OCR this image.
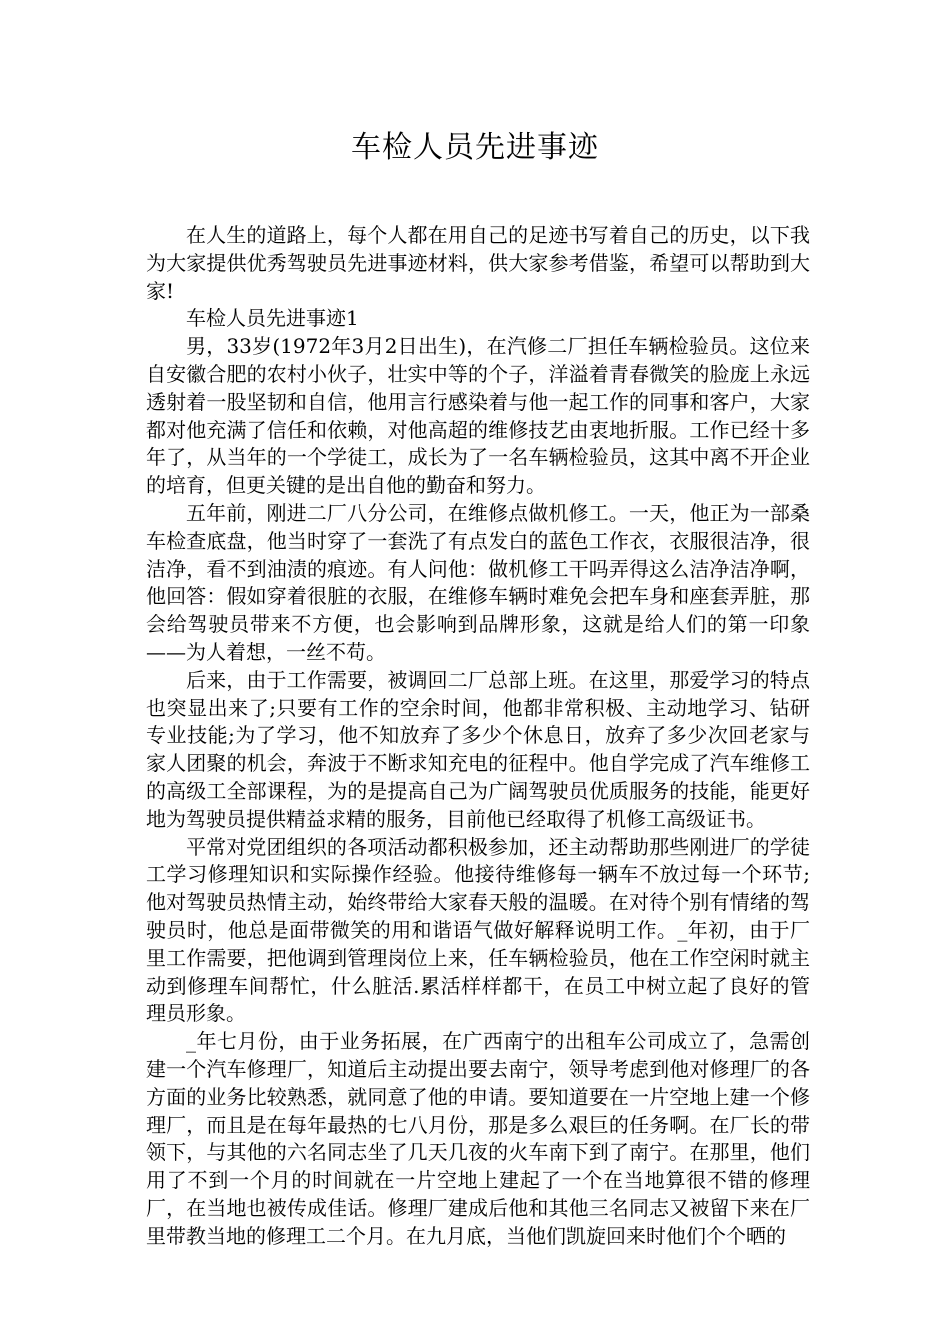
车检人员先进事迹

在人生的道路上，每个人都在用自己的足迹书写着自己的历史，以下我为大家提供优秀驾驶员先进事迹材料，供大家参考借鉴，希望可以帮助到大家!

车检人员先进事迹1

男，33岁(1972年3月2日出生)，在汽修二厂担任车辆检验员。这位来自安徽合肥的农村小伙子，壮实中等的个子，洋溢着青春微笑的脸庞上永远透射着一股坚韧和自信，他用言行感染着与他一起工作的同事和客户，大家都对他充满了信任和依赖，对他高超的维修技艺由衷地折服。工作已经十多年了，从当年的一个学徒工，成长为了一名车辆检验员，这其中离不开企业的培育，但更关键的是出自他的勤奋和努力。

五年前，刚进二厂八分公司，在维修点做机修工。一天，他正为一部桑车检查底盘，他当时穿了一套洗了有点发白的蓝色工作衣，衣服很洁净，很洁净，看不到油渍的痕迹。有人问他：做机修工干吗弄得这么洁净洁净啊，他回答：假如穿着很脏的衣服，在维修车辆时难免会把车身和座套弄脏，那会给驾驶员带来不方便，也会影响到品牌形象，这就是给人们的第一印象——为人着想，一丝不苟。

后来，由于工作需要，被调回二厂总部上班。在这里，那爱学习的特点也突显出来了;只要有工作的空余时间，他都非常积极、主动地学习、钻研专业技能;为了学习，他不知放弃了多少个休息日，放弃了多少次回老家与家人团聚的机会，奔波于不断求知充电的征程中。他自学完成了汽车维修工的高级工全部课程，为的是提高自己为广阔驾驶员优质服务的技能，能更好地为驾驶员提供精益求精的服务，目前他已经取得了机修工高级证书。

平常对党团组织的各项活动都积极参加，还主动帮助那些刚进厂的学徒工学习修理知识和实际操作经验。他接待维修每一辆车不放过每一个环节;他对驾驶员热情主动，始终带给大家春天般的温暖。在对待个别有情绪的驾驶员时，他总是面带微笑的用和谐语气做好解释说明工作。_年初，由于厂里工作需要，把他调到管理岗位上来，任车辆检验员，他在工作空闲时就主动到修理车间帮忙，什么脏活.累活样样都干，在员工中树立起了良好的管理员形象。

_年七月份，由于业务拓展，在广西南宁的出租车公司成立了，急需创建一个汽车修理厂，知道后主动提出要去南宁，领导考虑到他对修理厂的各方面的业务比较熟悉，就同意了他的申请。要知道要在一片空地上建一个修理厂，而且是在每年最热的七八月份，那是多么艰巨的任务啊。在厂长的带领下，与其他的六名同志坐了几天几夜的火车南下到了南宁。在那里，他们用了不到一个月的时间就在一片空地上建起了一个在当地算很不错的修理厂，在当地也被传成佳话。修理厂建成后他和其他三名同志又被留下来在厂里带教当地的修理工二个月。在九月底，当他们凯旋回来时他们个个晒的
